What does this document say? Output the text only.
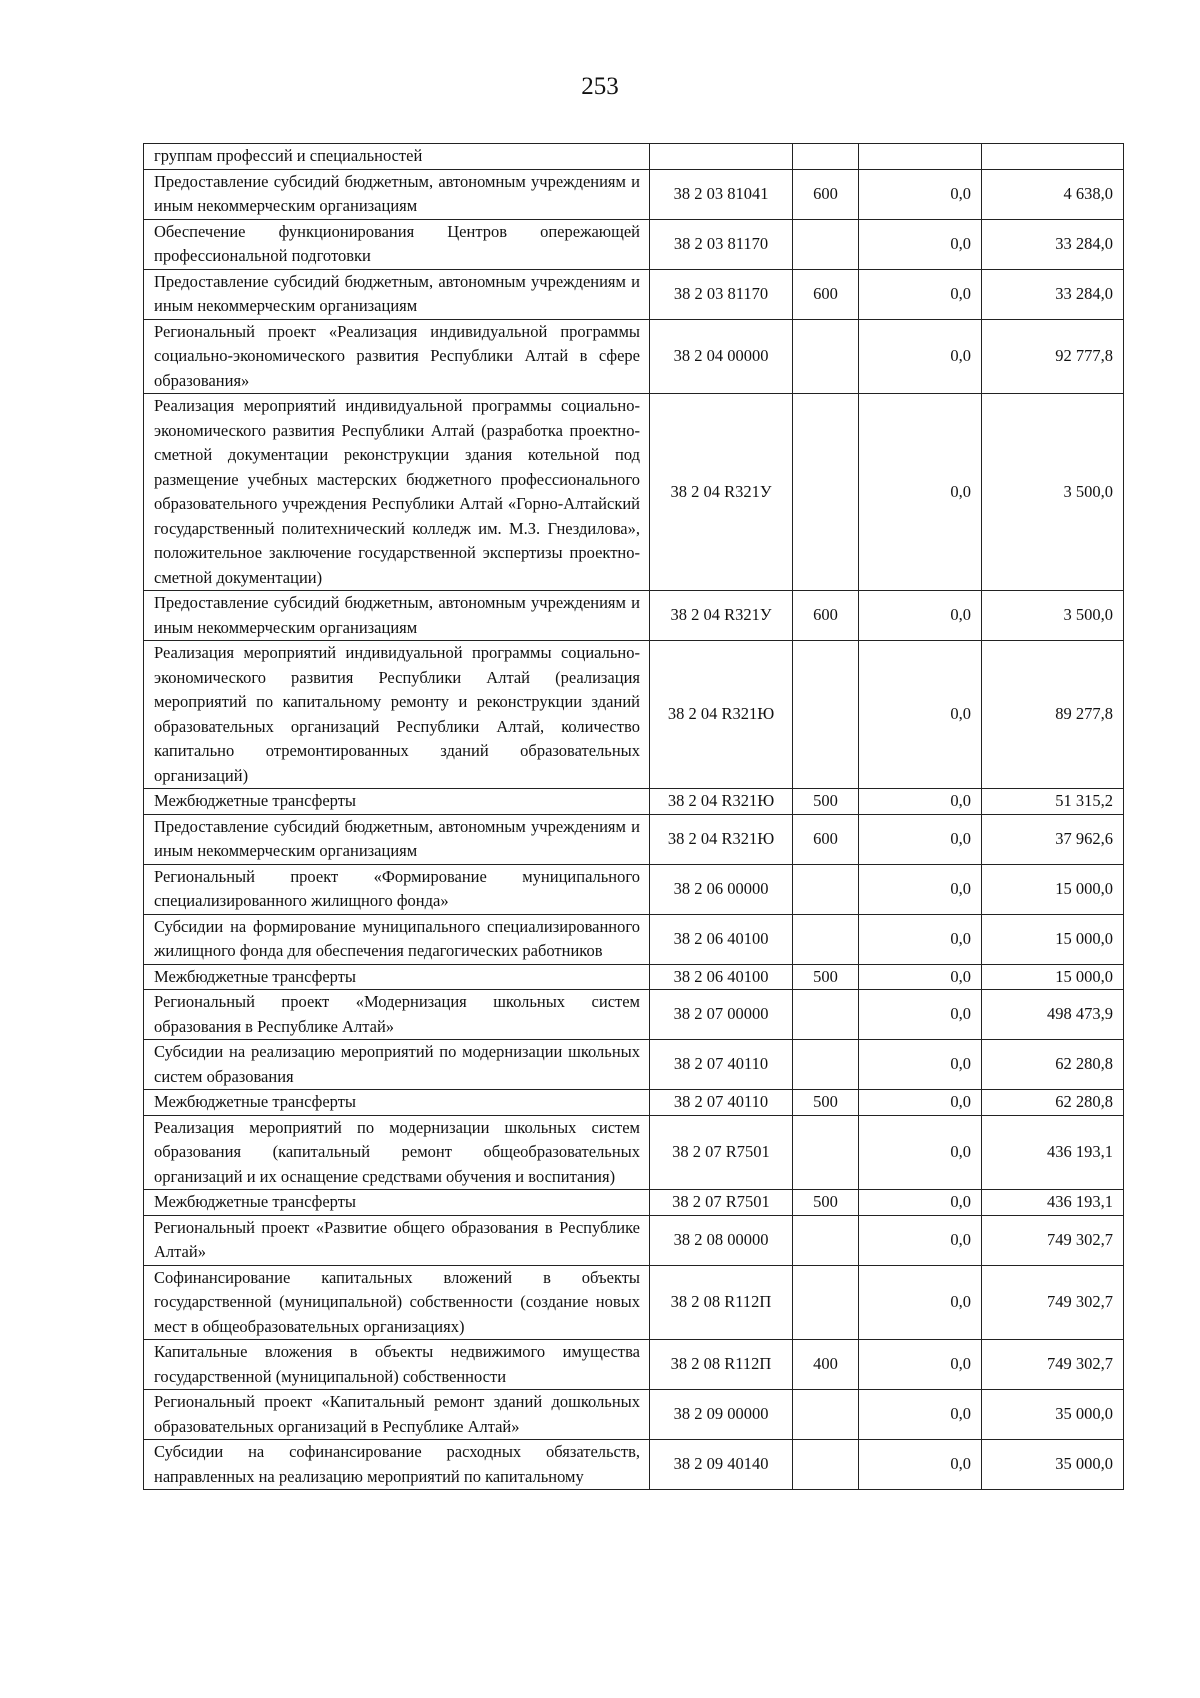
253
группам профессий и специальностей				
Предоставление субсидий бюджетным, автономным учреждениям и иным некоммерческим организациям	38 2 03 81041	600	0,0	4 638,0
Обеспечение функционирования Центров опережающей профессиональной подготовки	38 2 03 81170		0,0	33 284,0
Предоставление субсидий бюджетным, автономным учреждениям и иным некоммерческим организациям	38 2 03 81170	600	0,0	33 284,0
Региональный проект «Реализация индивидуальной программы социально-экономического развития Республики Алтай в сфере образования»	38 2 04 00000		0,0	92 777,8
Реализация мероприятий индивидуальной программы социально-экономического развития Республики Алтай (разработка проектно-сметной документации реконструкции здания котельной под размещение учебных мастерских бюджетного профессионального образовательного учреждения Республики Алтай «Горно-Алтайский государственный политехнический колледж им. М.З. Гнездилова», положительное заключение государственной экспертизы проектно-сметной документации)	38 2 04 R321У		0,0	3 500,0
Предоставление субсидий бюджетным, автономным учреждениям и иным некоммерческим организациям	38 2 04 R321У	600	0,0	3 500,0
Реализация мероприятий индивидуальной программы социально-экономического развития Республики Алтай (реализация мероприятий по капитальному ремонту и реконструкции зданий образовательных организаций Республики Алтай, количество капитально отремонтированных зданий образовательных организаций)	38 2 04 R321Ю		0,0	89 277,8
Межбюджетные трансферты	38 2 04 R321Ю	500	0,0	51 315,2
Предоставление субсидий бюджетным, автономным учреждениям и иным некоммерческим организациям	38 2 04 R321Ю	600	0,0	37 962,6
Региональный проект «Формирование муниципального специализированного жилищного фонда»	38 2 06 00000		0,0	15 000,0
Субсидии на формирование муниципального специализированного жилищного фонда для обеспечения педагогических работников	38 2 06 40100		0,0	15 000,0
Межбюджетные трансферты	38 2 06 40100	500	0,0	15 000,0
Региональный проект «Модернизация школьных систем образования в Республике Алтай»	38 2 07 00000		0,0	498 473,9
Субсидии на реализацию мероприятий по модернизации школьных систем образования	38 2 07 40110		0,0	62 280,8
Межбюджетные трансферты	38 2 07 40110	500	0,0	62 280,8
Реализация мероприятий по модернизации школьных систем образования (капитальный ремонт общеобразовательных организаций и их оснащение средствами обучения и воспитания)	38 2 07 R7501		0,0	436 193,1
Межбюджетные трансферты	38 2 07 R7501	500	0,0	436 193,1
Региональный проект «Развитие общего образования в Республике Алтай»	38 2 08 00000		0,0	749 302,7
Софинансирование капитальных вложений в объекты государственной (муниципальной) собственности (создание новых мест в общеобразовательных организациях)	38 2 08 R112П		0,0	749 302,7
Капитальные вложения в объекты недвижимого имущества государственной (муниципальной) собственности	38 2 08 R112П	400	0,0	749 302,7
Региональный проект «Капитальный ремонт зданий дошкольных образовательных организаций в Республике Алтай»	38 2 09 00000		0,0	35 000,0
Субсидии на софинансирование расходных обязательств, направленных на реализацию мероприятий по капитальному	38 2 09 40140		0,0	35 000,0
